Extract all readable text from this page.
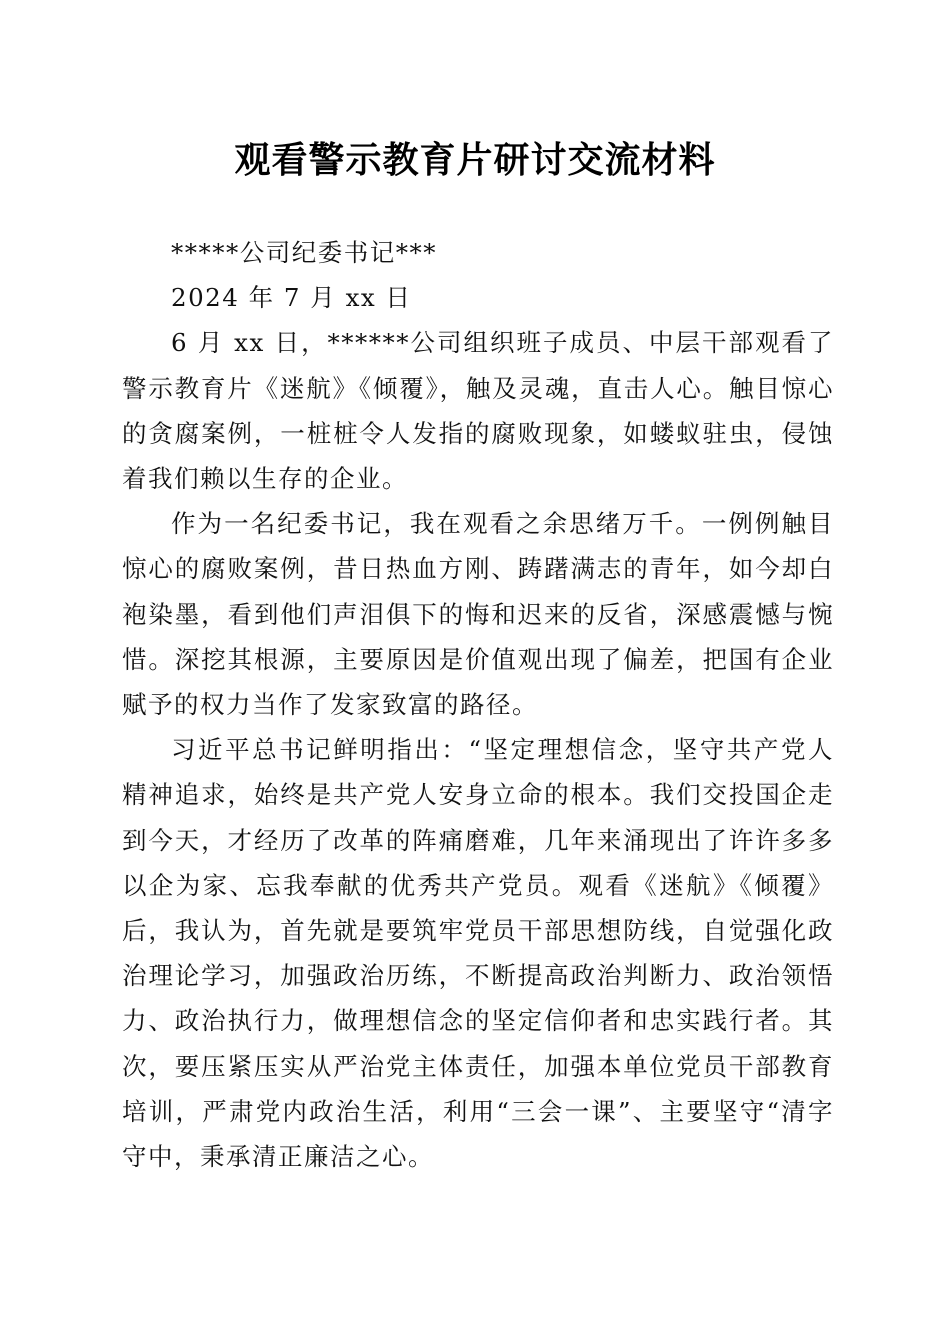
观看警示教育片研讨交流材料

*****公司纪委书记***

2024 年 7 月 xx 日

6 月 xx 日，******公司组织班子成员、中层干部观看了警示教育片《迷航》《倾覆》，触及灵魂，直击人心。触目惊心的贪腐案例，一桩桩令人发指的腐败现象，如蝼蚁驻虫，侵蚀着我们赖以生存的企业。

作为一名纪委书记，我在观看之余思绪万千。一例例触目惊心的腐败案例，昔日热血方刚、踌躇满志的青年，如今却白袍染墨，看到他们声泪俱下的悔和迟来的反省，深感震憾与惋惜。深挖其根源，主要原因是价值观出现了偏差，把国有企业赋予的权力当作了发家致富的路径。

习近平总书记鲜明指出：“坚定理想信念，坚守共产党人精神追求，始终是共产党人安身立命的根本。我们交投国企走到今天，才经历了改革的阵痛磨难，几年来涌现出了许许多多以企为家、忘我奉献的优秀共产党员。观看《迷航》《倾覆》后，我认为，首先就是要筑牢党员干部思想防线，自觉强化政治理论学习，加强政治历练，不断提高政治判断力、政治领悟力、政治执行力，做理想信念的坚定信仰者和忠实践行者。其次，要压紧压实从严治党主体责任，加强本单位党员干部教育培训，严肃党内政治生活，利用“三会一课”、主要坚守“清字守中，秉承清正廉洁之心。
